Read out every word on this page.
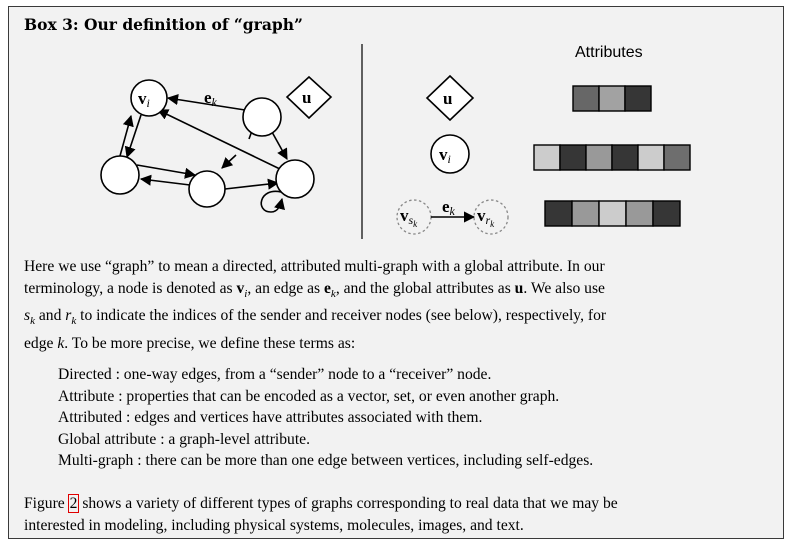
Box 3: Our definition of “graph”
vi	ek	u
Attributes
u
vi
vsk	vrk
ek
Here we use “graph” to mean a directed, attributed multi-graph with a global attribute. In our
terminology, a node is denoted as $v_i$, an edge as $e_k$, and the global attributes as u. We also use
$s_k$ and $r_k$ to indicate the indices of the sender and receiver nodes (see below), respectively, for
edge k. To be more precise, we define these terms as:
Directed : one-way edges, from a “sender” node to a “receiver” node.
Attribute : properties that can be encoded as a vector, set, or even another graph.
Attributed : edges and vertices have attributes associated with them.
Global attribute : a graph-level attribute.
Multi-graph : there can be more than one edge between vertices, including self-edges.
Figure 2 shows a variety of different types of graphs corresponding to real data that we may be
interested in modeling, including physical systems, molecules, images, and text.
